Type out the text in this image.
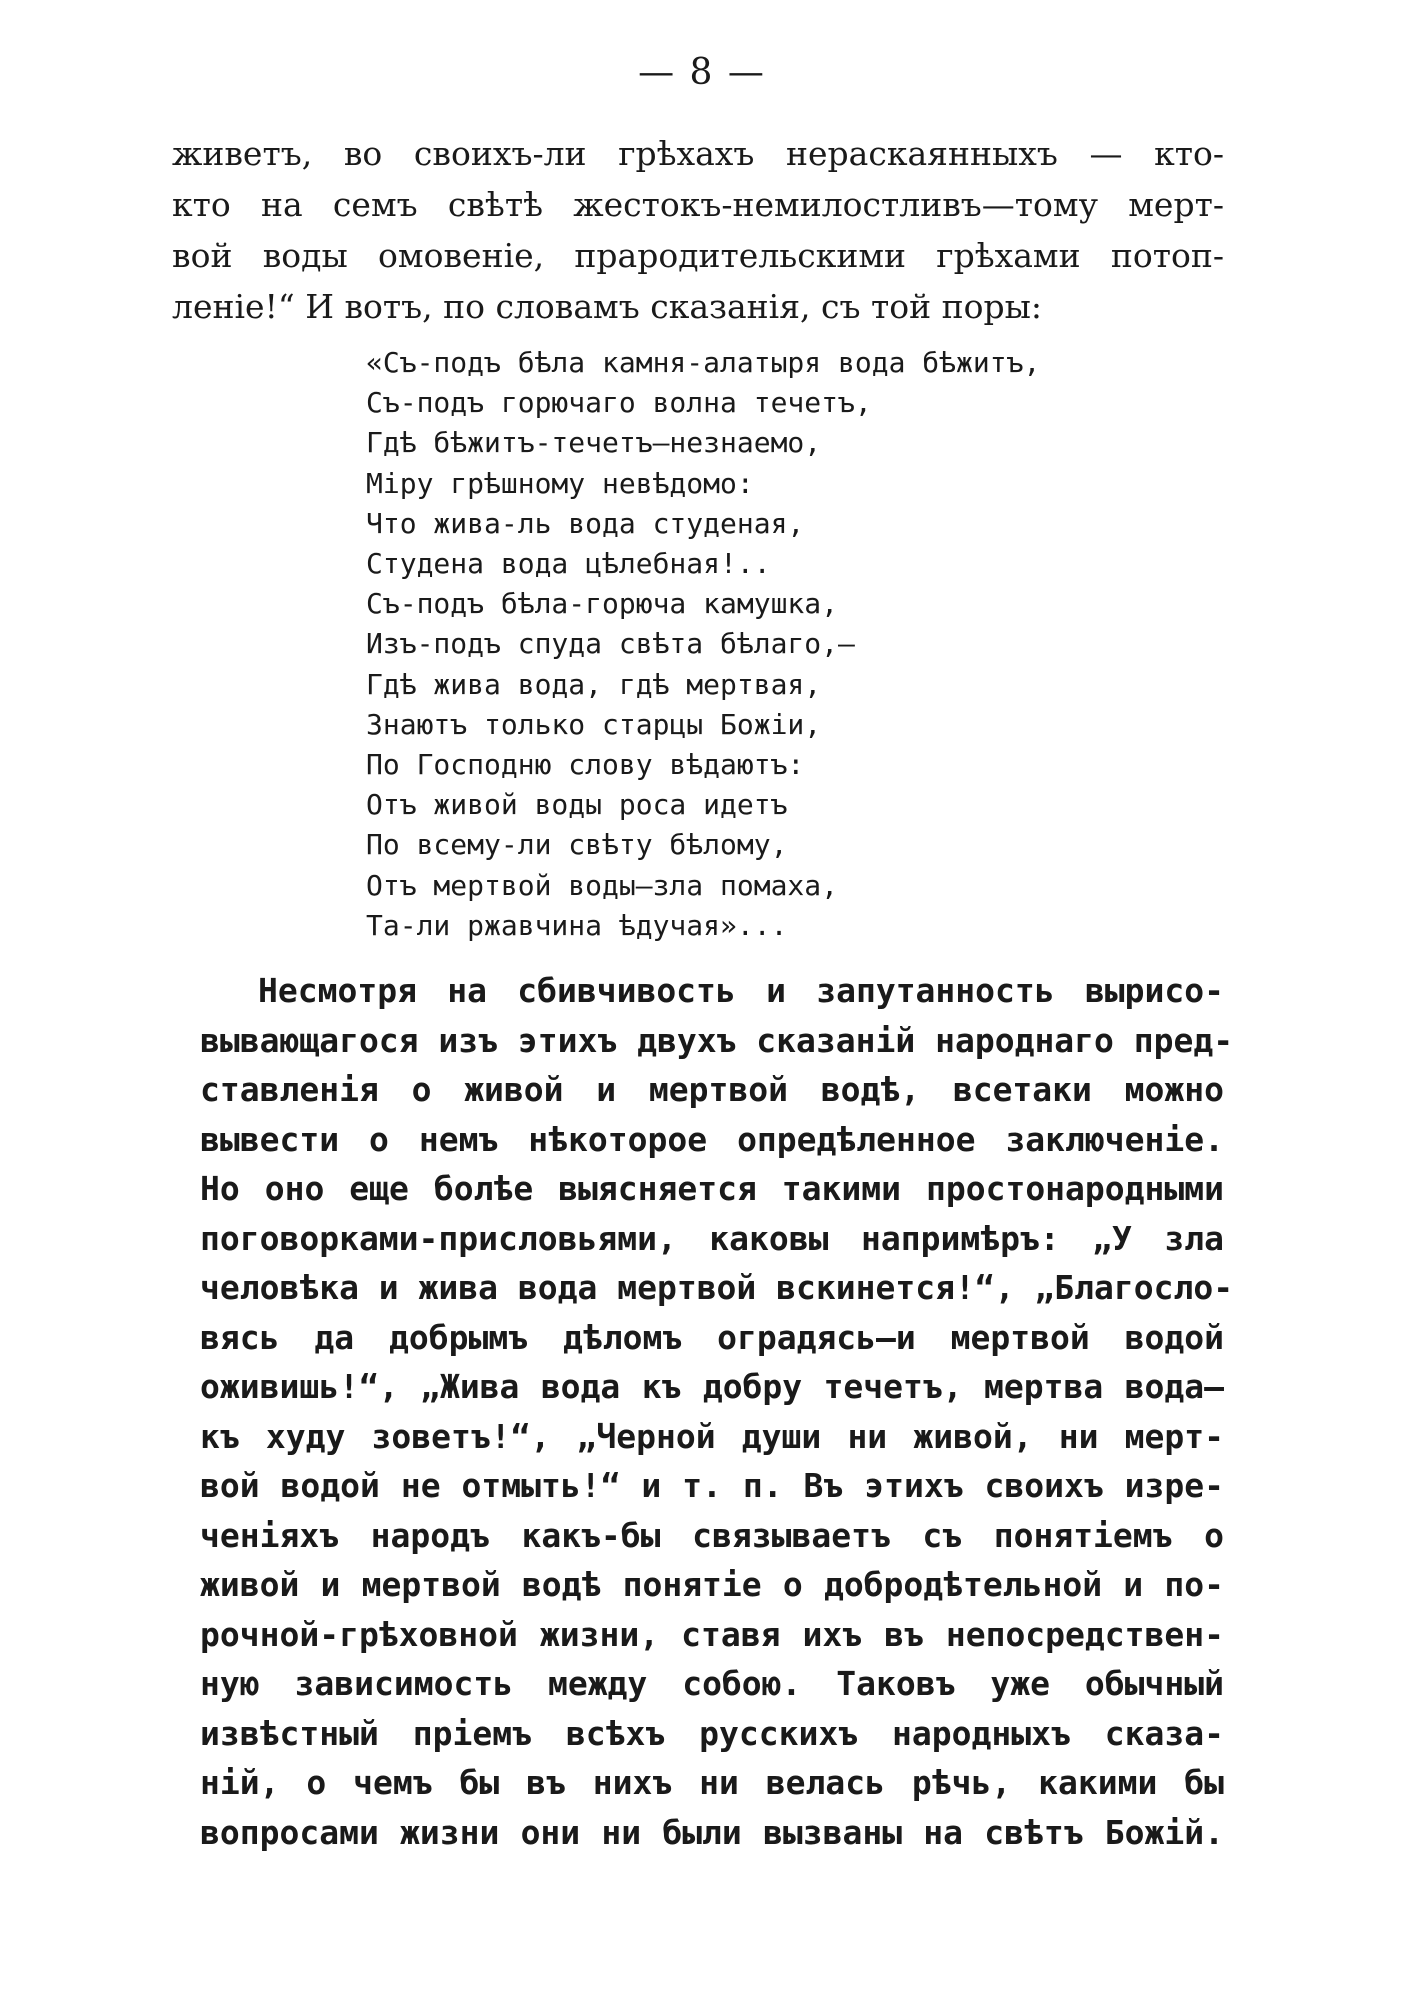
— 8 —
живетъ, во своихъ-ли грѣхахъ нераскаянныхъ — кто-
кто на семъ свѣтѣ жестокъ-немилостливъ—тому мерт-
вой воды омовеніе, прародительскими грѣхами потоп-
леніе!“ И вотъ, по словамъ сказанія, съ той поры:
«Съ-подъ бѣла камня-алатыря вода бѣжитъ,
Съ-подъ горючаго волна течетъ,
Гдѣ бѣжитъ-течетъ—незнаемо,
Міру грѣшному невѣдомо:
Что жива-ль вода студеная,
Студена вода цѣлебная!..
Съ-подъ бѣла-горюча камушка,
Изъ-подъ спуда свѣта бѣлаго,—
Гдѣ жива вода, гдѣ мертвая,
Знаютъ только старцы Божіи,
По Господню слову вѣдаютъ:
Отъ живой воды роса идетъ
По всему-ли свѣту бѣлому,
Отъ мертвой воды—зла помаха,
Та-ли ржавчина ѣдучая»...
Несмотря на сбивчивость и запутанность вырисо-
вывающагося изъ этихъ двухъ сказаній народнаго пред-
ставленія о живой и мертвой водѣ, всетаки можно
вывести о немъ нѣкоторое опредѣленное заключеніе.
Но оно еще болѣе выясняется такими простонародными
поговорками-присловьями, каковы напримѣръ: „У зла
человѣка и жива вода мертвой вскинется!“, „Благосло-
вясь да добрымъ дѣломъ оградясь—и мертвой водой
оживишь!“, „Жива вода къ добру течетъ, мертва вода—
къ худу зоветъ!“, „Черной души ни живой, ни мерт-
вой водой не отмыть!“ и т. п. Въ этихъ своихъ изре-
ченіяхъ народъ какъ-бы связываетъ съ понятіемъ о
живой и мертвой водѣ понятіе о добродѣтельной и по-
рочной-грѣховной жизни, ставя ихъ въ непосредствен-
ную зависимость между собою. Таковъ уже обычный
извѣстный пріемъ всѣхъ русскихъ народныхъ сказа-
ній, о чемъ бы въ нихъ ни велась рѣчь, какими бы
вопросами жизни они ни были вызваны на свѣтъ Божій.
